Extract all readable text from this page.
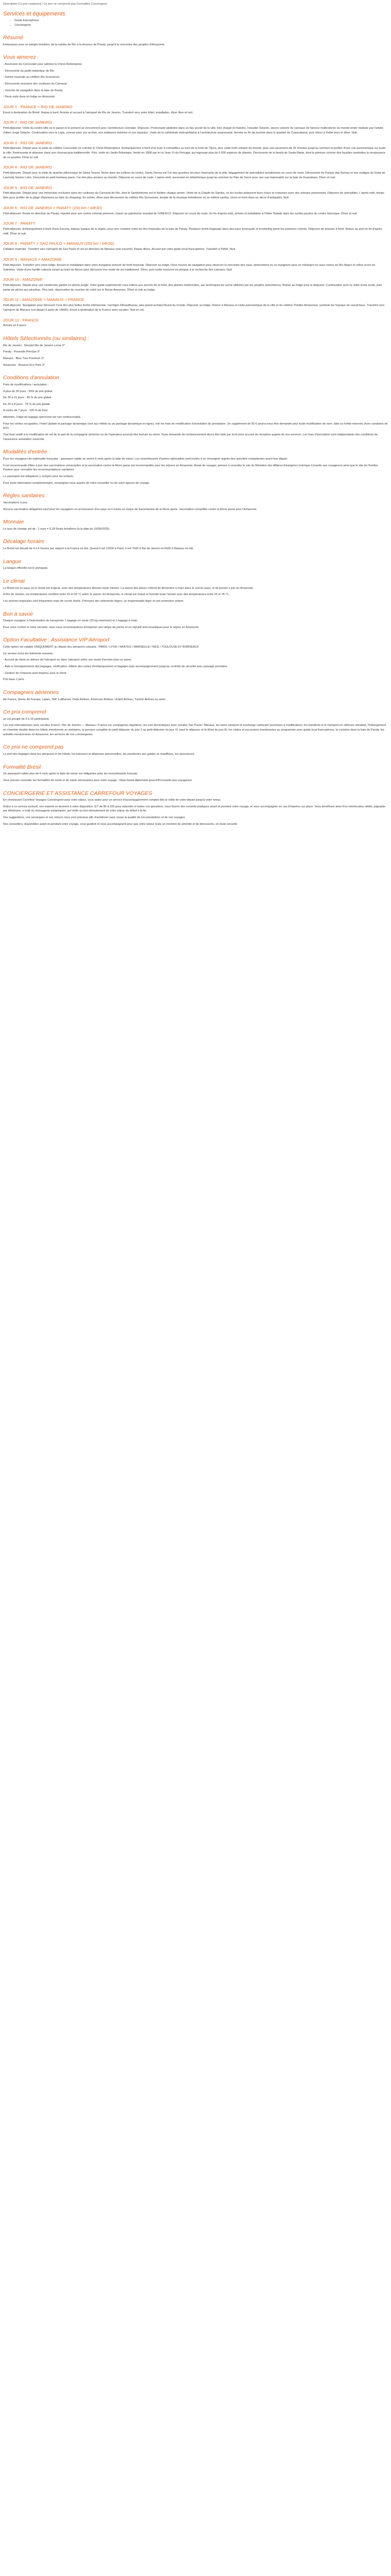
Description Cu prix comprend / Ce prix ne comprend pas Formalités Conciergerie

Services et équipements
• Guide francophone
• Conciergerie
Résumé

Embarquez pour un périple brésilien, de la samba de Rio à la douceur de Paraty, jusqu'à la rencontre des peuples d'Amazonie.

Vous aimerez :

- Ascension du Corcovado pour admirer le Christ Rédempteur

- Découverte du jardin botanique de Rio

- Soirée musicale au célèbre Rio Scenarium

- Découverte exclusive des coulisses du Carnaval

- Journée de navigation dans la baie de Paraty

- Deux nuits dans un lodge en Amazonie

JOUR 1 : FRANCE > RIO DE JANEIRO

Envol à destination du Brésil. Repas à bord. Arrivée et accueil à l'aéroport de Rio de Janeiro. Transfert vers votre hôtel, installation, dîner libre et nuit.

JOUR 2 : RIO DE JANEIRO

Petit-déjeuner. Visite du centre-ville où le passé et le présent se rencontrent avec l'architecture coloniale. Déjeuner. Promenade pédestre dans un lieu secret de la ville, très chargé en histoire, l'escalier Selarón, œuvre colorée de carreaux de faïence multicolores du monde entier réalisée par l'artiste chilien Jorge Selarón. Continuation vers la Lapa, connue pour ses arches, son ambiance bohème et son aqueduc. Visite de la cathédrale métropolitaine à l'architecture surprenante. Arrivée en fin de journée dans le quartier de Copacabana, puis retour à l'hôtel pour le dîner. Nuit.

JOUR 3 : RIO DE JANEIRO

Petit-déjeuner. Départ pour la visite du célèbre Corcovado où culmine le Christ Rédempteur. Embarquement à bord d'un train à crémaillère au sein de la forêt de Tijuca, plus vaste forêt urbaine du monde, pour une ascension de 20 minutes jusqu'au sommet et profiter d'une vue panoramique sur toute la ville. Redescente et déjeuner dans une churrascaria traditionnelle. Puis, visite du Jardin Botanique, fondé en 1808 par le roi Jean VI du Portugal, qui regroupe plus de 6 500 espèces de plantes. Découverte de la favela de Santa Marta, dont la peinture colorée des façades symbolise la renaissance de ce quartier. Dîner et nuit.

JOUR 4 : RIO DE JANEIRO

Petit-déjeuner. Départ pour la visite du quartier pittoresque de Santa Teresa. Niché dans les collines du centre, Santa Teresa est l'un des quartiers les plus charmants de la ville, dégagement de spécialistes brésiliennes en cours de route. Découverte du Parque das Ruínas et ses vestiges du Solar de Laurinda Santos Lobo. Descente en petit tramway jaune, l'un des plus anciens au monde. Déjeuner en cours de route. L'après-midi, ascension en téléphérique jusqu'au sommet du Pain de Sucre pour une vue imprenable sur la baie de Guanabara. Dîner et nuit.

JOUR 5 : RIO DE JANEIRO

Petit-déjeuner. Départ pour une immersion exclusive dans les coulisses du Carnaval de Rio, dont le Sambódromo est le théâtre chaque année. Visite de la Cidade do Samba, où les écoles préparent leurs chars et costumes avec des artisans passionnés. Déjeuner de spécialités. L'après-midi, temps libre pour profiter de la plage d'Ipanema ou faire du shopping. En soirée, dîner puis découverte du célèbre Rio Scenarium, temple de la musique brésilienne où se mêlent samba, choro et forró dans un décor d'antiquités. Nuit.

JOUR 6 : RIO DE JANEIRO > PARATY (250 km / 04h30)

Petit-déjeuner. Route en direction de Paraty, réputée pour son centre colonial préservé, classé au patrimoine mondial de l'UNESCO. Déjeuner en cours de route. En fin d'après-midi, arrivée et installation à l'hôtel. Balade dans les ruelles pavées du centre historique. Dîner et nuit.

JOUR 7 : PARATY

Petit-déjeuner. Embarquement à bord d'une Escuna, bateau typique de la région, pour une croisière entre les îles tropicales de la baie de Paraty. Plusieurs arrêts baignade dans des eaux émeraude et snorkeling parmi les poissons colorés. Déjeuner de poisson à bord. Retour au port en fin d'après-midi. Dîner et nuit.

JOUR 8 : PARATY > SAO PAULO > MANAUS (250 km / 04h30)

Collation matinale. Transfert vers l'aéroport de Sao Paulo et vol en direction de Manaus (non escorté). Repas libres. Accueil par votre guide local francophone. Transfert à l'hôtel. Nuit.

JOUR 9 : MANAUS > AMAZONIE

Petit-déjeuner. Transfert vers votre lodge. Accueil et installation dans votre bungalow entouré de forêt tropicale. Déjeuner au lodge. Deux heures de navigation pour observer la rencontre des eaux, phénomène où se rejoignent sans se mélanger les eaux noires du Rio Negro et celles ocres du Solimões. Visite d'une famille cabocla vivant au bord du fleuve pour découvrir leur mode de vie traditionnel. Dîner, puis sortie nocturne en pirogue à la recherche des caïmans. Nuit.

JOUR 10 : AMAZONIE

Petit-déjeuner. Départ pour une randonnée guidée en pleine jungle. Votre guide expérimenté vous initiera aux secrets de la forêt, des plantes médicinales, aux techniques de survie utilisées par les peuples autochtones. Retour au lodge pour le déjeuner. Continuation avec la visite d'une école, puis partie de pêche aux piranhas. Plus tard, observation du coucher de soleil sur le fleuve Amazone. Dîner et nuit au lodge.

JOUR 11 : AMAZONIE > MANAUS > FRANCE

Petit-déjeuner. Navigation pour découvrir l'une des plus belles forêts d'Amazonie, l'archipel d'Anavilhanas, plus grand archipel fluvial du monde. Déjeuner au lodge. Retour à Manaus et visite panoramique de la ville et du célèbre Théâtre Amazonas, symbole de l'époque du caoutchouc. Transfert vers l'aéroport de Manaus (vol départ à partir de 14h00). Envol à destination de la France avec escales. Nuit en vol.

JOUR 12 : FRANCE

Arrivée en France.

Hôtels Sélectionnés (ou similaires) :

Rio de Janeiro : Novotel Rio de Janeiro Leme 3*

Paraty : Pousada Principe 3*

Manaus : Blue Tree Premium 3*

Amazonie : Amazon Eco Park 3*

Conditions d'annulation

Frais de modifications / annulation :

A plus de 30 jours : 30% du prix global

De 30 à 21 jours : 40 % du prix global

De 20 à 8 jours : 75 % du prix global

A moins de 7 jours : 100 % de frais

Attention, l'objet de bagage opéronnel est non remboursable.

Pour les ventes escapades, l'hotel Update et package dynamique (voir aux hôtels ou au package dynamique en ligne), voir les frais de modification d'annulation du prestataire. Un supplément de 50 € pourra vous être demandé pour toute modification de nom, date ou forfait réservés (hors variations de prix).

Tout frais relatif à la modification de vol de la part de la compagnie aérienne ou de l'opérateur pourrait être facturé au client. Toute demande de remboursement devra être faite par écrit avec accusé de réception auprès de nos services. Les frais d'annulation sont indépendants des conditions de l'assurance annulation souscrite.

Modalités d'entrée :

Pour les voyageurs de nationalité française : passeport valide au moins 6 mois après la date de retour. Les ressortissants d'autres nationalités sont invités à se renseigner auprès des autorités compétentes avant leur départ.

Il est recommandé d'être à jour des vaccinations universelles et la vaccination contre la fièvre jaune est recommandée pour les séjours en Amazonie. Avant de voyager, pensez à consulter le site du Ministère des Affaires Étrangères (rubrique Conseils aux voyageurs) ainsi que le site de l'Institut Pasteur pour connaître les recommandations sanitaires.

Le passeport est obligatoire y compris pour les enfants.

Pour toute information complémentaire, renseignez-vous auprès de votre conseiller ou de votre agence de voyage.

Règles sanitaires :

Vaccinations à jour.

Aucune vaccination obligatoire sauf pour les voyageurs en provenance d'un pays où il existe un risque de transmission de la fièvre jaune. Vaccination conseillée contre la fièvre jaune pour l'Amazonie.

Monnaie

Le taux de change est de : 1 euro = 6,18 Reals brésiliens (à la date du 10/05/2025)

Décalage horaire

Le Brésil est décalé de 4 à 5 heures par rapport à la France en été. Quand il est 12h00 à Paris, il est 7h00 à Rio de Janeiro et 6h00 à Manaus en été.

Langue

La langue officielle est le portugais.

Le climat

Le Brésil est un pays où le climat est tropical, avec des températures élevées toute l'année. La saison des pluies s'étend de décembre à mars dans le sud du pays, et de janvier à juin en Amazonie.

A Rio de Janeiro, les températures oscillent entre 20 et 30 °C selon la saison. En Amazonie, le climat est chaud et humide toute l'année avec des températures entre 25 et 35 °C.

Les averses tropicales sont fréquentes mais de courte durée. Prévoyez des vêtements légers, un imperméable léger et une protection solaire.

Bon à savoir

Chaque voyageur a l'autorisation de transporter 1 bagage en soute (23 kg maximum) et 1 bagage à main.

Pour votre confort et votre sécurité, nous vous recommandons d'emporter une lampe de poche et un répulsif anti-moustiques pour le séjour en Amazonie.

Option Facultative : Assistance VIP Aéroport

Cette option est valable UNIQUEMENT au départ des aéroports suivants : PARIS / LYON / NANTES / MARSEILLE / NICE / TOULOUSE ET BORDEAUX

Ce service inclut les éléments suivants :

- Accueil du client en dehors de l'aéroport ou dans l'aéroport selon son mode d'arrivée (taxi ou autre)

- Aide à l'enregistrement des bagages, vérification, édition des cartes d'embarquement et bagages puis accompagnement jusqu'au contrôle de sécurité avec passage prioritaire

- Gestion de n'importe quel imprévu avec le client

Prix base 2 pers

Compagnies aériennes

Air France, Iberia, Air Europa, Latam, TAP, Lufthansa, Delta Airlines, American Airlines, United Airlines, Turkish Airlines ou autre.

Ce prix comprend

un vol groupé de 3 à 16 participants

Les vols internationaux avec escales France / Rio de Janeiro — Manaus / France sur compagnies régulières, les vols domestiques avec escales Sao Paulo / Manaus, les taxes aéroport et surcharge carburant (soumises à modification), les transferts et le transport en véhicule climatisé, l'hébergement en chambre double dans les hôtels mentionnés ou similaires, la pension complète du petit-déjeuner du jour 2 au petit-déjeuner du jour 11 (sauf le déjeuner et le dîner du jour 8), les visites et excursions mentionnées au programme avec guide local francophone, la croisière dans la baie de Paraty, les activités mentionnées en Amazonie, les services de nos conciergeries.

Ce prix ne comprend pas

Le port des bagages dans les aéroports et les hôtels, les boissons et dépenses personnelles, les pourboires aux guides et chauffeurs, les assurances.

Formalité Brésil

Un passeport valide plus de 6 mois après la date de retour est obligatoire pour les ressortissants français.

Vous pouvez consulter les formalités de sortie et de santé nécessaires pour votre voyage : https://www.diplomatie.gouv.fr/fr/conseils-aux-voyageurs/

CONCIERGERIE ET ASSISTANCE CARREFOUR VOYAGES

En choisissant Carrefour Voyages Conciergerie pour votre séjour, vous optez pour un service d'accompagnement complet dès la veille de votre départ jusqu'à votre retour.

Grâce à ce service exclusif, nos experts se tiennent à votre disposition 7j/7 de 8h à 22h pour répondre à toutes vos questions, vous fournir des conseils pratiques avant et pendant votre voyage, et vous accompagner en cas d'imprévu sur place. Vous bénéficiez ainsi d'un interlocuteur dédié, joignable par téléphone, e-mail ou messagerie instantanée, qui veille au bon déroulement de votre séjour du début à la fin.

Vos suggestions, vos remarques et vos retours nous sont précieux afin d'améliorer sans cesse la qualité de nos prestations et de nos voyages.

Nos conseillers, disponibles avant et pendant votre voyage, vous guident et vous accompagnent pour que votre séjour reste un moment de sérénité et de découverte, en toute sécurité.
